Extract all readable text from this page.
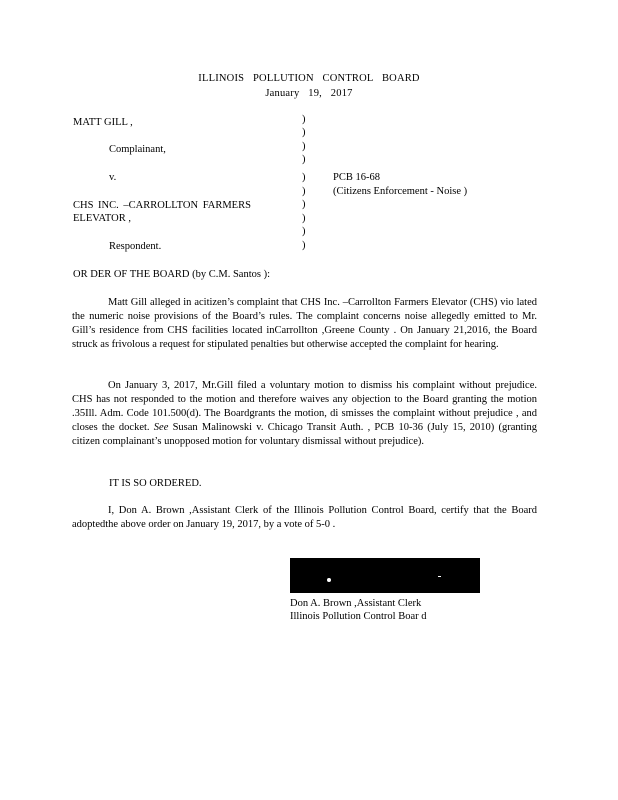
ILLINOIS POLLUTION CONTROL BOARD
January 19, 2017
)
)
)
)
)
)
)
)
)
)
MATT GILL ,
Complainant,
v.
CHS INC. –CARROLLTON FARMERS
ELEVATOR ,
Respondent.
PCB 16-68
(Citizens Enforcement - Noise )
OR DER OF THE BOARD (by C.M. Santos ):

Matt Gill alleged in acitizen’s complaint that CHS Inc. –Carrollton Farmers Elevator (CHS) vio lated the numeric noise provisions of the Board’s rules. The complaint concerns noise allegedly emitted to Mr. Gill’s residence from CHS facilities located inCarrollton ,Greene County . On January 21,2016, the Board struck as frivolous a request for stipulated penalties but otherwise accepted the complaint for hearing.

On January 3, 2017, Mr.Gill filed a voluntary motion to dismiss his complaint without prejudice. CHS has not responded to the motion and therefore waives any objection to the Board granting the motion .35Ill. Adm. Code 101.500(d). The Boardgrants the motion, di smisses the complaint without prejudice , and closes the docket. See Susan Malinowski v. Chicago Transit Auth. , PCB 10-36 (July 15, 2010) (granting citizen complainant’s unopposed motion for voluntary dismissal without prejudice).

IT IS SO ORDERED.

I, Don A. Brown ,Assistant Clerk of the Illinois Pollution Control Board, certify that the Board adoptedthe above order on January 19, 2017, by a vote of 5-0 .

Don A. Brown ,Assistant Clerk
Illinois Pollution Control Boar d
